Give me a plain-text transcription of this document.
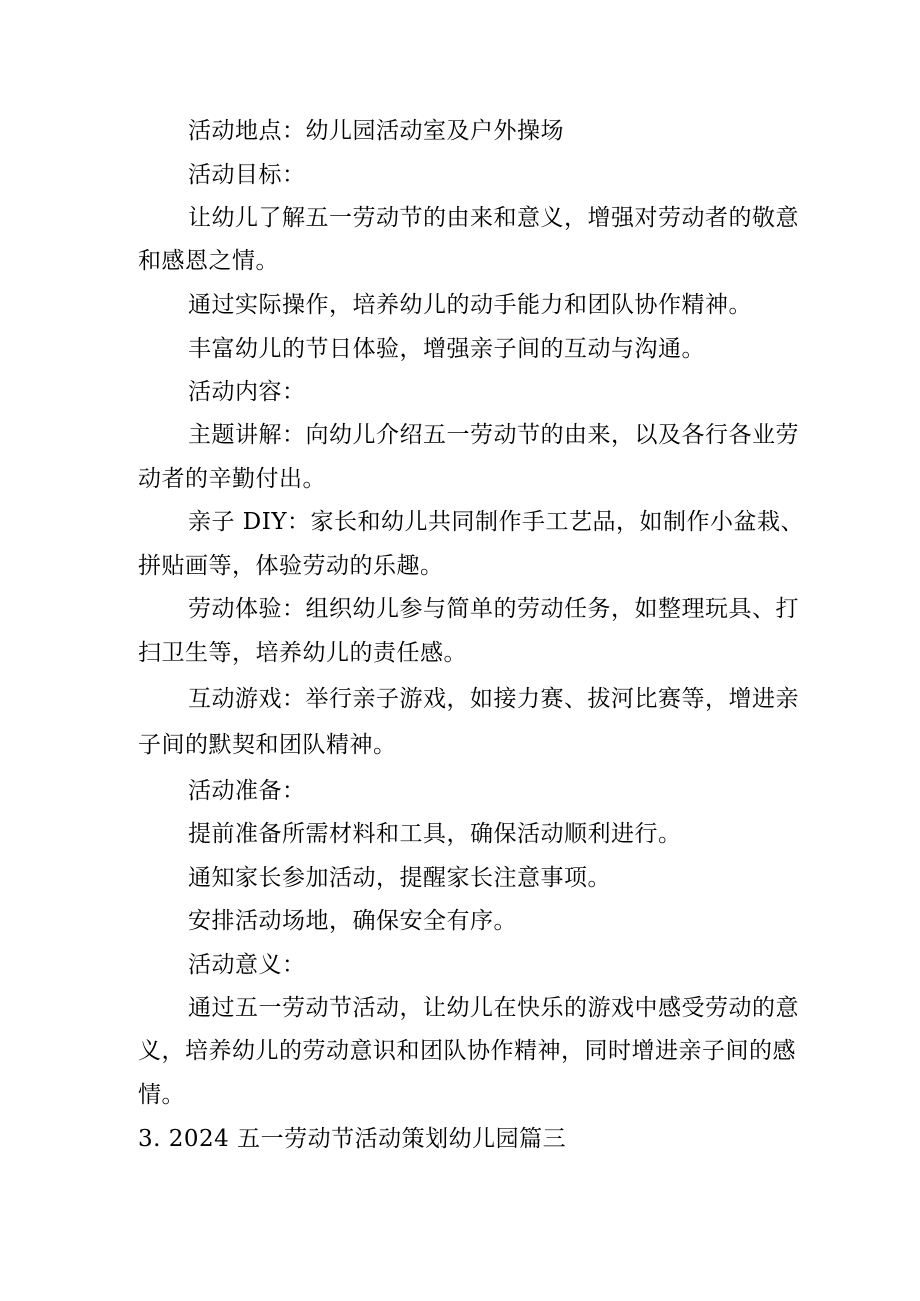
活动地点：幼儿园活动室及户外操场
活动目标：
让幼儿了解五一劳动节的由来和意义，增强对劳动者的敬意
和感恩之情。
通过实际操作，培养幼儿的动手能力和团队协作精神。
丰富幼儿的节日体验，增强亲子间的互动与沟通。
活动内容：
主题讲解：向幼儿介绍五一劳动节的由来，以及各行各业劳
动者的辛勤付出。
亲子 DIY：家长和幼儿共同制作手工艺品，如制作小盆栽、
拼贴画等，体验劳动的乐趣。
劳动体验：组织幼儿参与简单的劳动任务，如整理玩具、打
扫卫生等，培养幼儿的责任感。
互动游戏：举行亲子游戏，如接力赛、拔河比赛等，增进亲
子间的默契和团队精神。
活动准备：
提前准备所需材料和工具，确保活动顺利进行。
通知家长参加活动，提醒家长注意事项。
安排活动场地，确保安全有序。
活动意义：
通过五一劳动节活动，让幼儿在快乐的游戏中感受劳动的意
义，培养幼儿的劳动意识和团队协作精神，同时增进亲子间的感
情。
3. 2024 五一劳动节活动策划幼儿园篇三
